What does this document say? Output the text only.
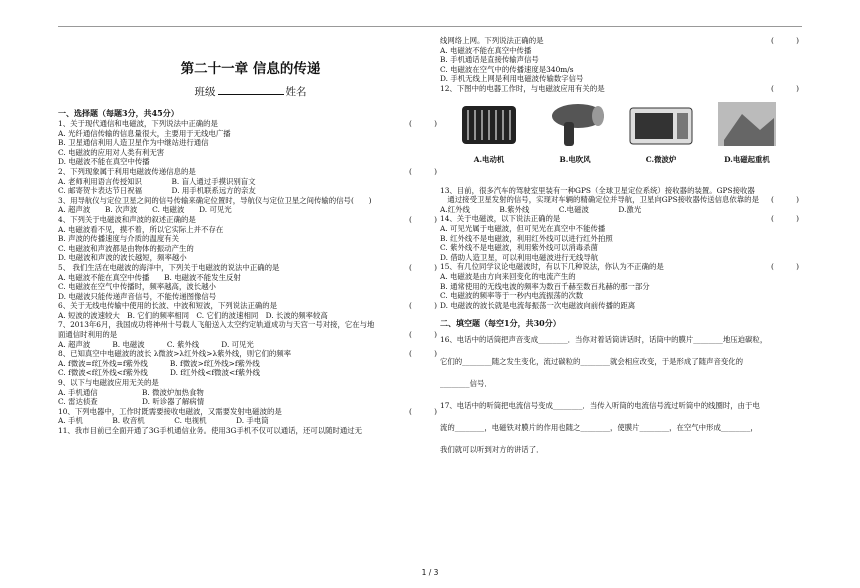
第二十一章 信息的传递
班级	姓名
一、选择题（每题3分，共45分）
1、关于现代通信和电磁波，下列说法中正确的是	(　　　)
A. 光纤通信传输的信息量很大，主要用于无线电广播
B. 卫星通信利用人造卫星作为中继站进行通信
C. 电磁波的应用对人类有利无害
D. 电磁波不能在真空中传播
2、下列现象属于利用电磁波传递信息的是	(　　　)
A. 老师利用语言传授知识　　　　B. 盲人通过手摸识别盲文
C. 邮寄贺卡表达节日祝福　　　　D. 用手机联系远方的亲友
3、用导航仪与定位卫星之间的信号传输来确定位置时，导航仪与定位卫星之间传输的信号(　　)
A. 超声波　　B. 次声波　　C. 电磁波　　D. 可见光
4、下列关于电磁波和声波的叙述正确的是	(　　　)
A. 电磁波看不见，摸不着，所以它实际上并不存在
B. 声波的传播速度与介质的温度有关
C. 电磁波和声波都是由物体的振动产生的
D. 电磁波和声波的波长越短，频率越小
5、 我们生活在电磁波的海洋中，下列关于电磁波的说法中正确的是	(　　　)
A. 电磁波不能在真空中传播　　B. 电磁波不能发生反射
C. 电磁波在空气中传播时，频率越高，波长越小
D. 电磁波只能传递声音信号，不能传递图像信号
6、关于无线电传输中使用的长波、中波和短波，下列说法正确的是	(　　　)
A. 短波的波速较大　B. 它们的频率相同　C. 它们的波速相同　D. 长波的频率较高
7、2013年6月，我国成功将神州十号载人飞船送入太空约定轨道成功与天宫一号对接，它在与地
面通信时利用的是	(　　　)
A. 超声波　　　B. 电磁波　　　C. 紫外线　　　D. 可见光
8、已知真空中电磁波的波长 λ微波>λ红外线>λ紫外线，则它们的频率	(　　　)
A. f微波=f红外线=f紫外线　　　B. f微波>f红外线>f紫外线
C. f微波<f红外线<f紫外线　　　D. f红外线<f微波<f紫外线
9、以下与电磁波应用无关的是
A. 手机通信　　　　　　B. 微波炉加热食物
C. 雷达侦查　　　　　　D. 听诊器了解病情
10、下列电器中，工作时既需要接收电磁波，又需要发射电磁波的是	(　　　)
A. 手机　　　　B. 收音机　　　　C. 电视机　　　　D. 手电筒
11、我市目前已全面开通了3G手机通信业务。使用3G手机不仅可以通话，还可以随时通过无
线网络上网。下列说法正确的是	(　　　)
A. 电磁波不能在真空中传播
B. 手机通话是直接传输声信号
C. 电磁波在空气中的传播速度是340m/s
D. 手机无线上网是利用电磁波传输数字信号
12、下图中的电器工作时，与电磁波应用有关的是	(　　　)
A.电动机	B.电吹风	C.微波炉	D.电磁起重机
13、目前，很多汽车的驾驶室里装有一种GPS（全球卫星定位系统）接收器的装置。GPS接收器
　通过接受卫星发射的信号，实现对车辆的精确定位并导航，卫星向GPS接收器传送信息依靠的是 (　　　)
A.红外线　　　　B.紫外线　　　　C.电磁波　　　　D.激光
14、关于电磁波，以下说法正确的是	(　　　)
A. 可见光属于电磁波，但可见光在真空中不能传播
B. 红外线不是电磁波，利用红外线可以进行红外拍照
C. 紫外线不是电磁波，利用紫外线可以消毒杀菌
D. 借助人造卫星，可以利用电磁波进行无线导航
15、有几位同学议论电磁波时，有以下几种说法，你认为不正确的是	(　　　)
A. 电磁波是由方向来回变化的电流产生的
B. 通常使用的无线电波的频率为数百千赫至数百兆赫的那一部分
C. 电磁波的频率等于一秒内电流振荡的次数
D. 电磁波的波长就是电流每振荡一次电磁波向前传播的距离
二、填空题（每空1分，共30分）
16、电话中的话筒把声音变成________．当你对着话筒讲话时，话筒中的膜片________地压迫碳粒，
它们的________随之发生变化，流过碳粒的________就会相应改变，于是形成了随声音变化的
________信号．
17、电话中的听筒把电流信号变成________．当传入听筒的电流信号流过听筒中的线圈时，由于电
流的________，电磁铁对膜片的作用也随之________，使膜片________，在空气中形成________，
我们就可以听到对方的讲话了．
1 / 3
